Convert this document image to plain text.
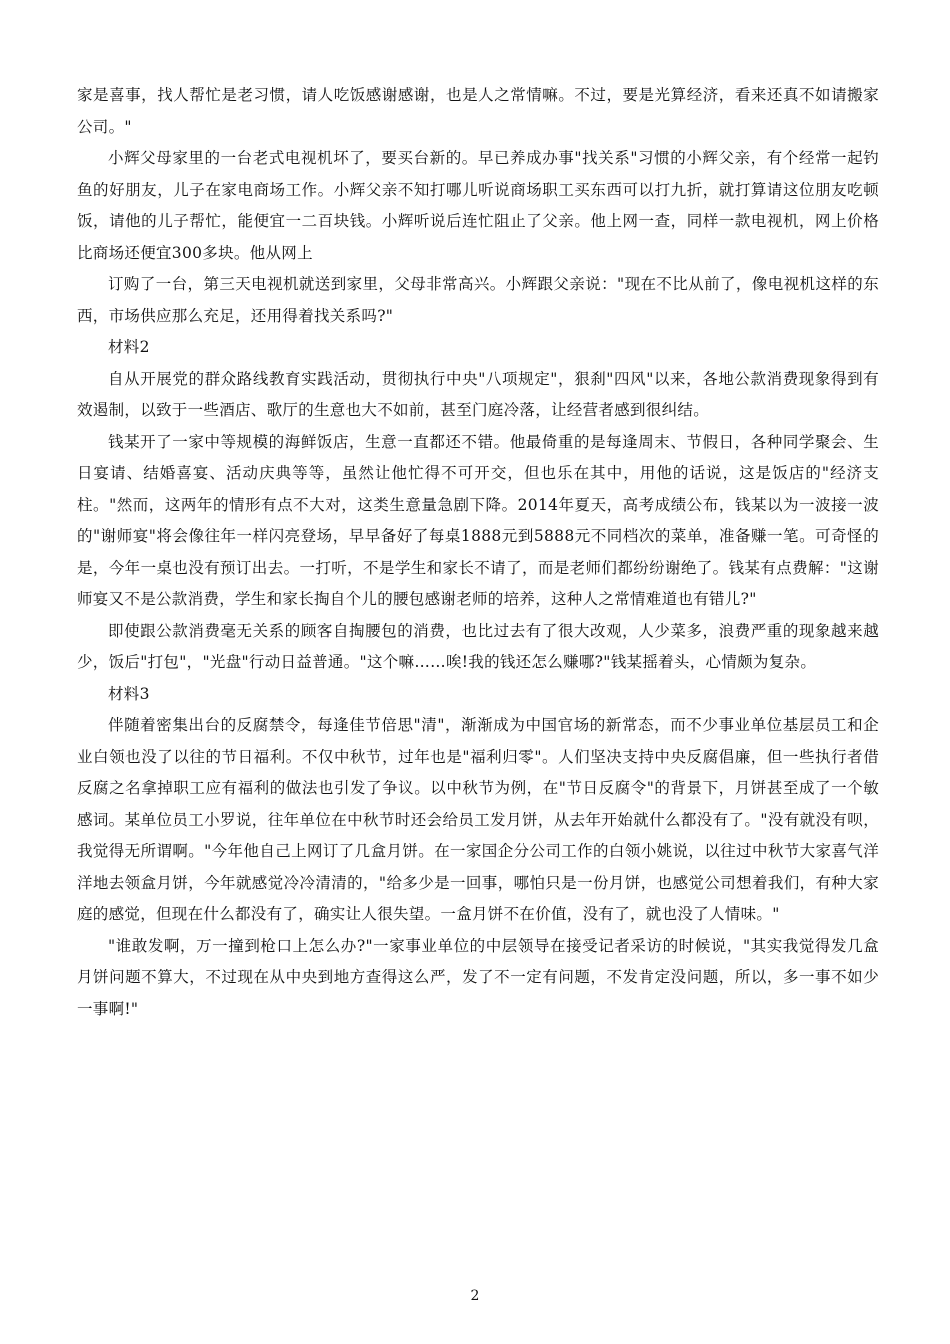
家是喜事，找人帮忙是老习惯，请人吃饭感谢感谢，也是人之常情嘛。不过，要是光算经济，看来还真不如请搬家公司。"

小辉父母家里的一台老式电视机坏了，要买台新的。早已养成办事"找关系"习惯的小辉父亲，有个经常一起钓鱼的好朋友，儿子在家电商场工作。小辉父亲不知打哪儿听说商场职工买东西可以打九折，就打算请这位朋友吃顿饭，请他的儿子帮忙，能便宜一二百块钱。小辉听说后连忙阻止了父亲。他上网一查，同样一款电视机，网上价格比商场还便宜300多块。他从网上

订购了一台，第三天电视机就送到家里，父母非常高兴。小辉跟父亲说："现在不比从前了，像电视机这样的东西，市场供应那么充足，还用得着找关系吗?"

材料2

自从开展党的群众路线教育实践活动，贯彻执行中央"八项规定"，狠刹"四风"以来，各地公款消费现象得到有效遏制，以致于一些酒店、歌厅的生意也大不如前，甚至门庭冷落，让经营者感到很纠结。

钱某开了一家中等规模的海鲜饭店，生意一直都还不错。他最倚重的是每逢周末、节假日，各种同学聚会、生日宴请、结婚喜宴、活动庆典等等，虽然让他忙得不可开交，但也乐在其中，用他的话说，这是饭店的"经济支柱。"然而，这两年的情形有点不大对，这类生意量急剧下降。2014年夏天，高考成绩公布，钱某以为一波接一波的"谢师宴"将会像往年一样闪亮登场，早早备好了每桌1888元到5888元不同档次的菜单，准备赚一笔。可奇怪的是，今年一桌也没有预订出去。一打听，不是学生和家长不请了，而是老师们都纷纷谢绝了。钱某有点费解："这谢师宴又不是公款消费，学生和家长掏自个儿的腰包感谢老师的培养，这种人之常情难道也有错儿?"

即使跟公款消费毫无关系的顾客自掏腰包的消费，也比过去有了很大改观，人少菜多，浪费严重的现象越来越少，饭后"打包"，"光盘"行动日益普通。"这个嘛……唉!我的钱还怎么赚哪?"钱某摇着头，心情颇为复杂。

材料3

伴随着密集出台的反腐禁令，每逢佳节倍思"清"，渐渐成为中国官场的新常态，而不少事业单位基层员工和企业白领也没了以往的节日福利。不仅中秋节，过年也是"福利归零"。人们坚决支持中央反腐倡廉，但一些执行者借反腐之名拿掉职工应有福利的做法也引发了争议。以中秋节为例，在"节日反腐令"的背景下，月饼甚至成了一个敏感词。某单位员工小罗说，往年单位在中秋节时还会给员工发月饼，从去年开始就什么都没有了。"没有就没有呗，我觉得无所谓啊。"今年他自己上网订了几盒月饼。在一家国企分公司工作的白领小姚说，以往过中秋节大家喜气洋洋地去领盒月饼，今年就感觉冷冷清清的，"给多少是一回事，哪怕只是一份月饼，也感觉公司想着我们，有种大家庭的感觉，但现在什么都没有了，确实让人很失望。一盒月饼不在价值，没有了，就也没了人情味。"

"谁敢发啊，万一撞到枪口上怎么办?"一家事业单位的中层领导在接受记者采访的时候说，"其实我觉得发几盒月饼问题不算大，不过现在从中央到地方查得这么严，发了不一定有问题，不发肯定没问题，所以，多一事不如少一事啊!"

2
